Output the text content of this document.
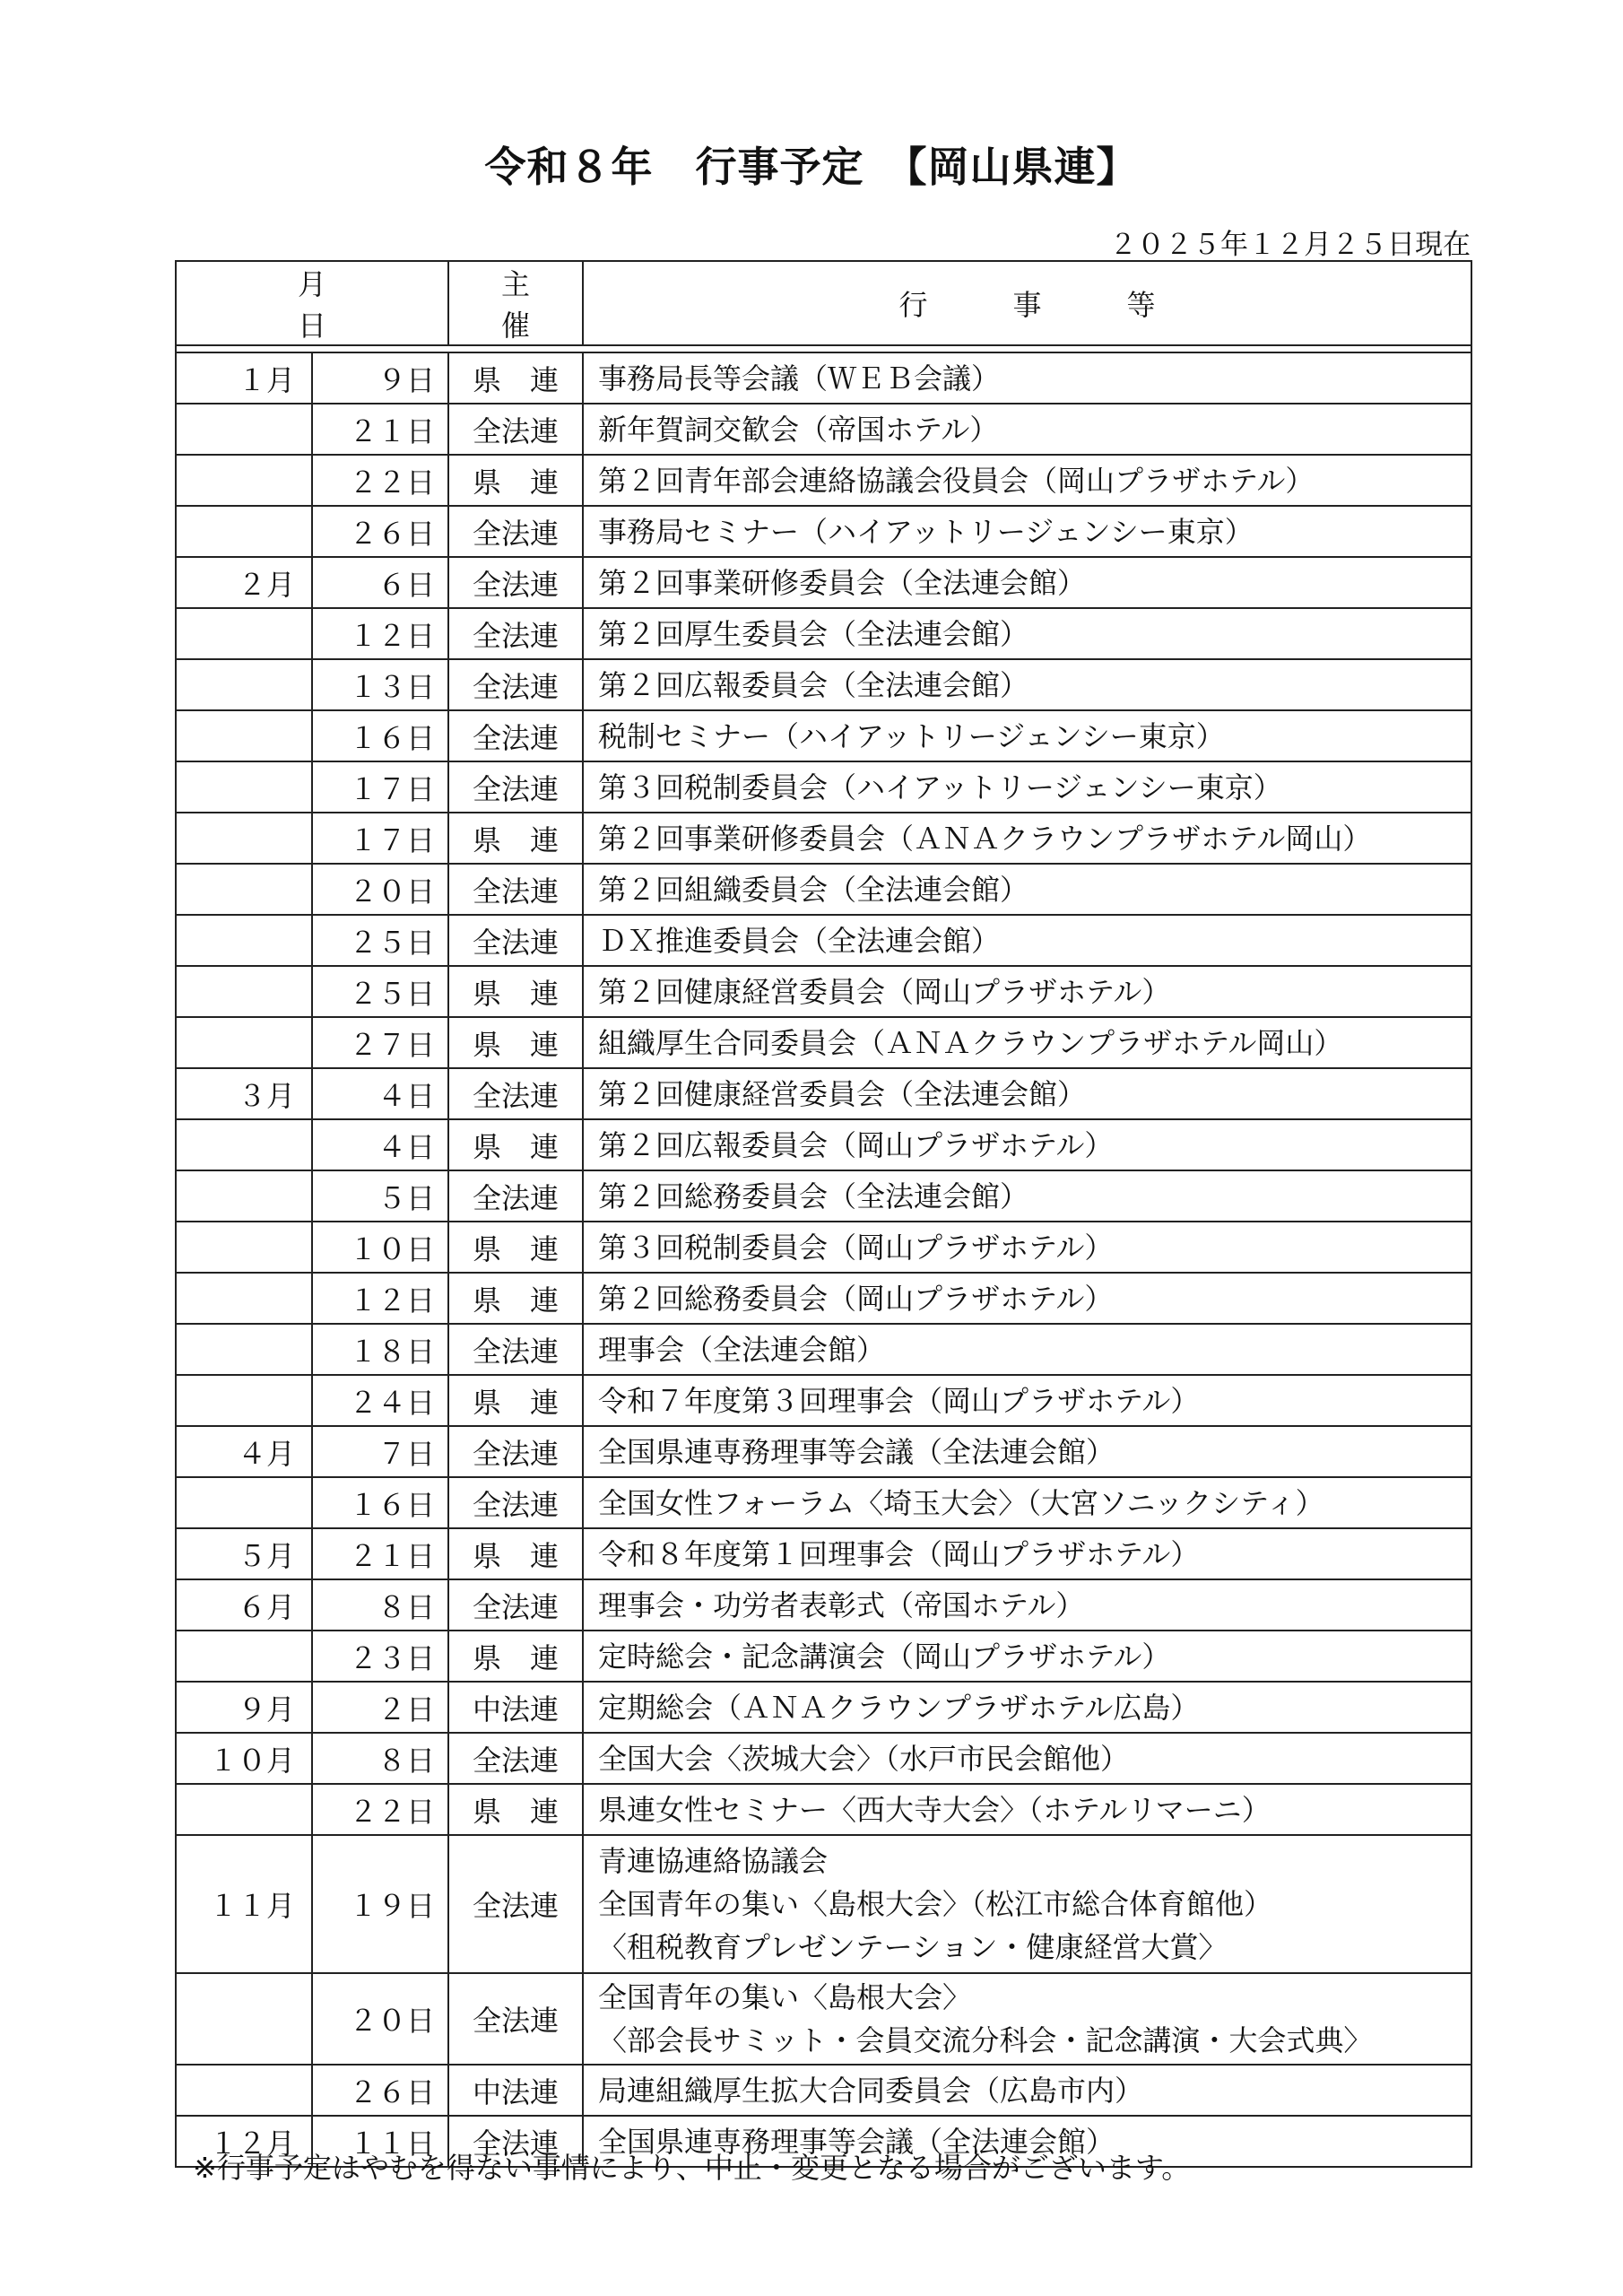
令和８年　行事予定　【岡山県連】
２０２５年１２月２５日現在
月　日		主催	行事等

１月	９日	県　連	事務局長等会議（ＷＥＢ会議）

	２１日	全法連	新年賀詞交歓会（帝国ホテル）

	２２日	県　連	第２回青年部会連絡協議会役員会（岡山プラザホテル）

	２６日	全法連	事務局セミナー（ハイアットリージェンシー東京）

２月	６日	全法連	第２回事業研修委員会（全法連会館）

	１２日	全法連	第２回厚生委員会（全法連会館）

	１３日	全法連	第２回広報委員会（全法連会館）

	１６日	全法連	税制セミナー（ハイアットリージェンシー東京）

	１７日	全法連	第３回税制委員会（ハイアットリージェンシー東京）

	１７日	県　連	第２回事業研修委員会（ＡＮＡクラウンプラザホテル岡山）

	２０日	全法連	第２回組織委員会（全法連会館）

	２５日	全法連	ＤＸ推進委員会（全法連会館）

	２５日	県　連	第２回健康経営委員会（岡山プラザホテル）

	２７日	県　連	組織厚生合同委員会（ＡＮＡクラウンプラザホテル岡山）

３月	４日	全法連	第２回健康経営委員会（全法連会館）

	４日	県　連	第２回広報委員会（岡山プラザホテル）

	５日	全法連	第２回総務委員会（全法連会館）

	１０日	県　連	第３回税制委員会（岡山プラザホテル）

	１２日	県　連	第２回総務委員会（岡山プラザホテル）

	１８日	全法連	理事会（全法連会館）

	２４日	県　連	令和７年度第３回理事会（岡山プラザホテル）

４月	７日	全法連	全国県連専務理事等会議（全法連会館）

	１６日	全法連	全国女性フォーラム〈埼玉大会〉（大宮ソニックシティ）

５月	２１日	県　連	令和８年度第１回理事会（岡山プラザホテル）

６月	８日	全法連	理事会・功労者表彰式（帝国ホテル）

	２３日	県　連	定時総会・記念講演会（岡山プラザホテル）

９月	２日	中法連	定期総会（ＡＮＡクラウンプラザホテル広島）

１０月	８日	全法連	全国大会〈茨城大会〉（水戸市民会館他）

	２２日	県　連	県連女性セミナー〈西大寺大会〉（ホテルリマーニ）

１１月	１９日	全法連	青連協連絡協議会
全国青年の集い〈島根大会〉（松江市総合体育館他）
〈租税教育プレゼンテーション・健康経営大賞〉

	２０日	全法連	全国青年の集い〈島根大会〉
〈部会長サミット・会員交流分科会・記念講演・大会式典〉

	２６日	中法連	局連組織厚生拡大合同委員会（広島市内）

１２月	１１日	全法連	全国県連専務理事等会議（全法連会館）
※行事予定はやむを得ない事情により、中止・変更となる場合がございます。
